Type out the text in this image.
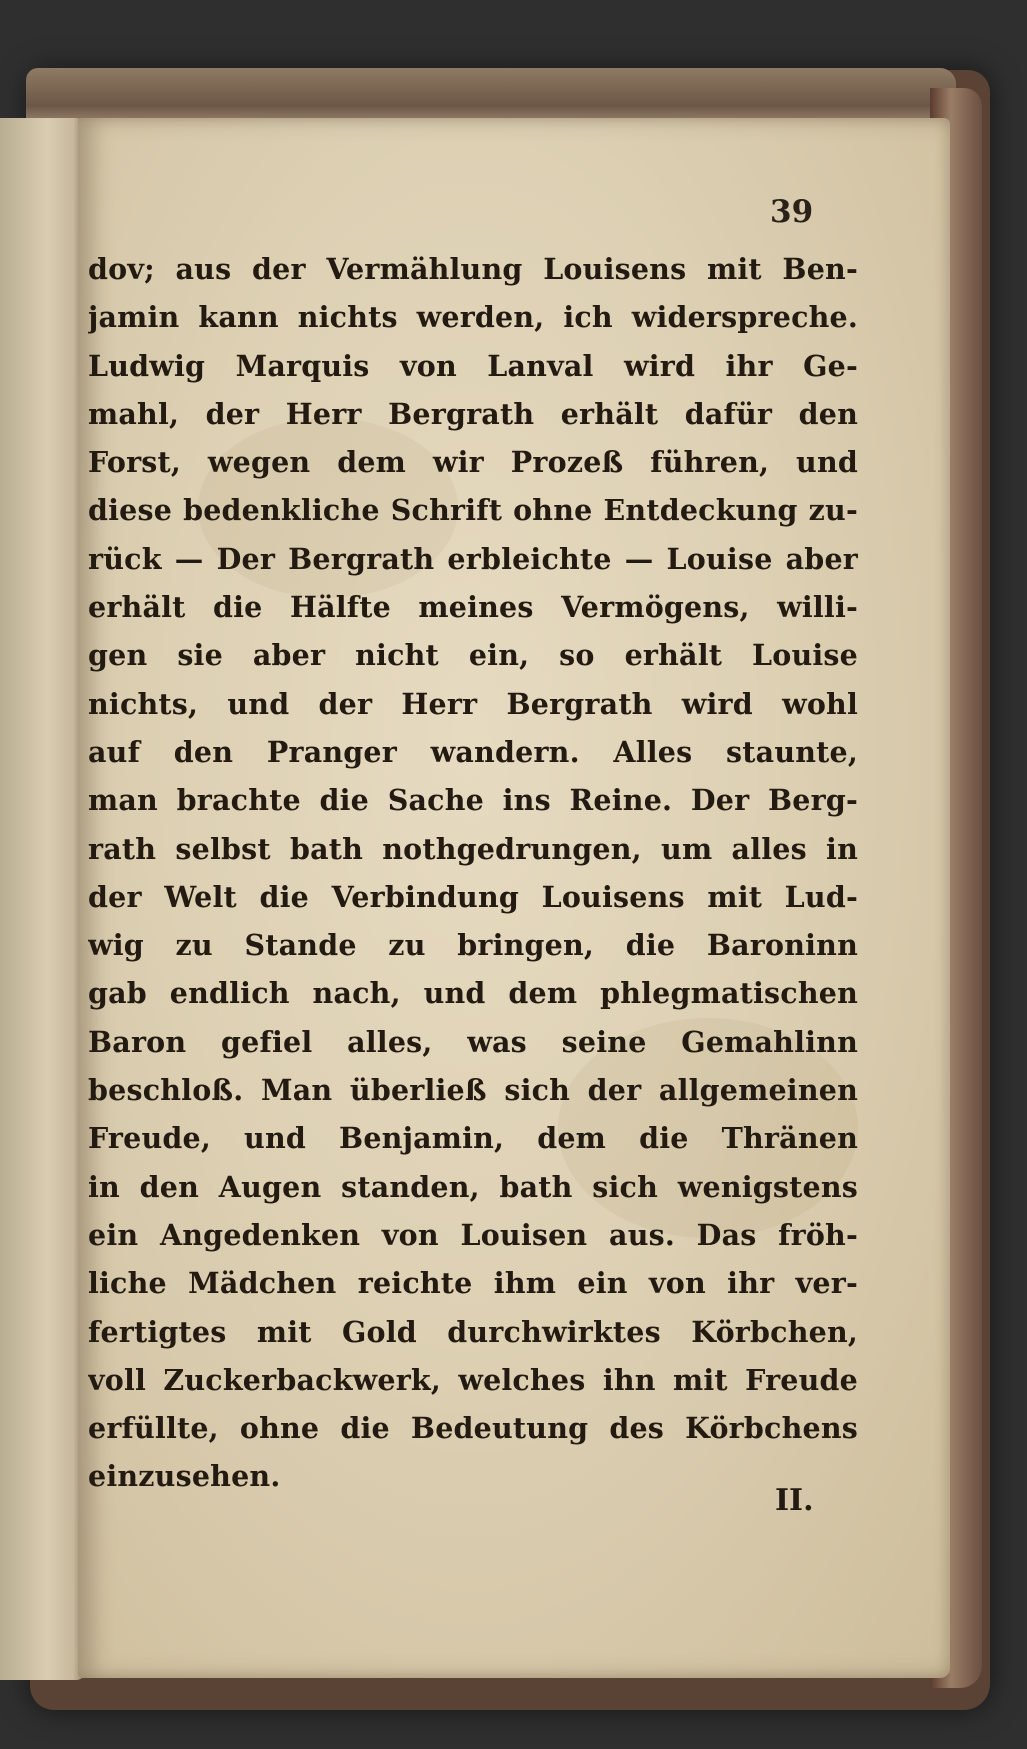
39
dov; aus der Vermählung Louisens mit Ben-
jamin kann nichts werden, ich widerspreche.
Ludwig Marquis von Lanval wird ihr Ge-
mahl, der Herr Bergrath erhält dafür den
Forst, wegen dem wir Prozeß führen, und
diese bedenkliche Schrift ohne Entdeckung zu-
rück — Der Bergrath erbleichte — Louise aber
erhält die Hälfte meines Vermögens, willi-
gen sie aber nicht ein, so erhält Louise
nichts, und der Herr Bergrath wird wohl
auf den Pranger wandern. Alles staunte,
man brachte die Sache ins Reine. Der Berg-
rath selbst bath nothgedrungen, um alles in
der Welt die Verbindung Louisens mit Lud-
wig zu Stande zu bringen, die Baroninn
gab endlich nach, und dem phlegmatischen
Baron gefiel alles, was seine Gemahlinn
beschloß. Man überließ sich der allgemeinen
Freude, und Benjamin, dem die Thränen
in den Augen standen, bath sich wenigstens
ein Angedenken von Louisen aus. Das fröh-
liche Mädchen reichte ihm ein von ihr ver-
fertigtes mit Gold durchwirktes Körbchen,
voll Zuckerbackwerk, welches ihn mit Freude
erfüllte, ohne die Bedeutung des Körbchens
einzusehen.
II.
